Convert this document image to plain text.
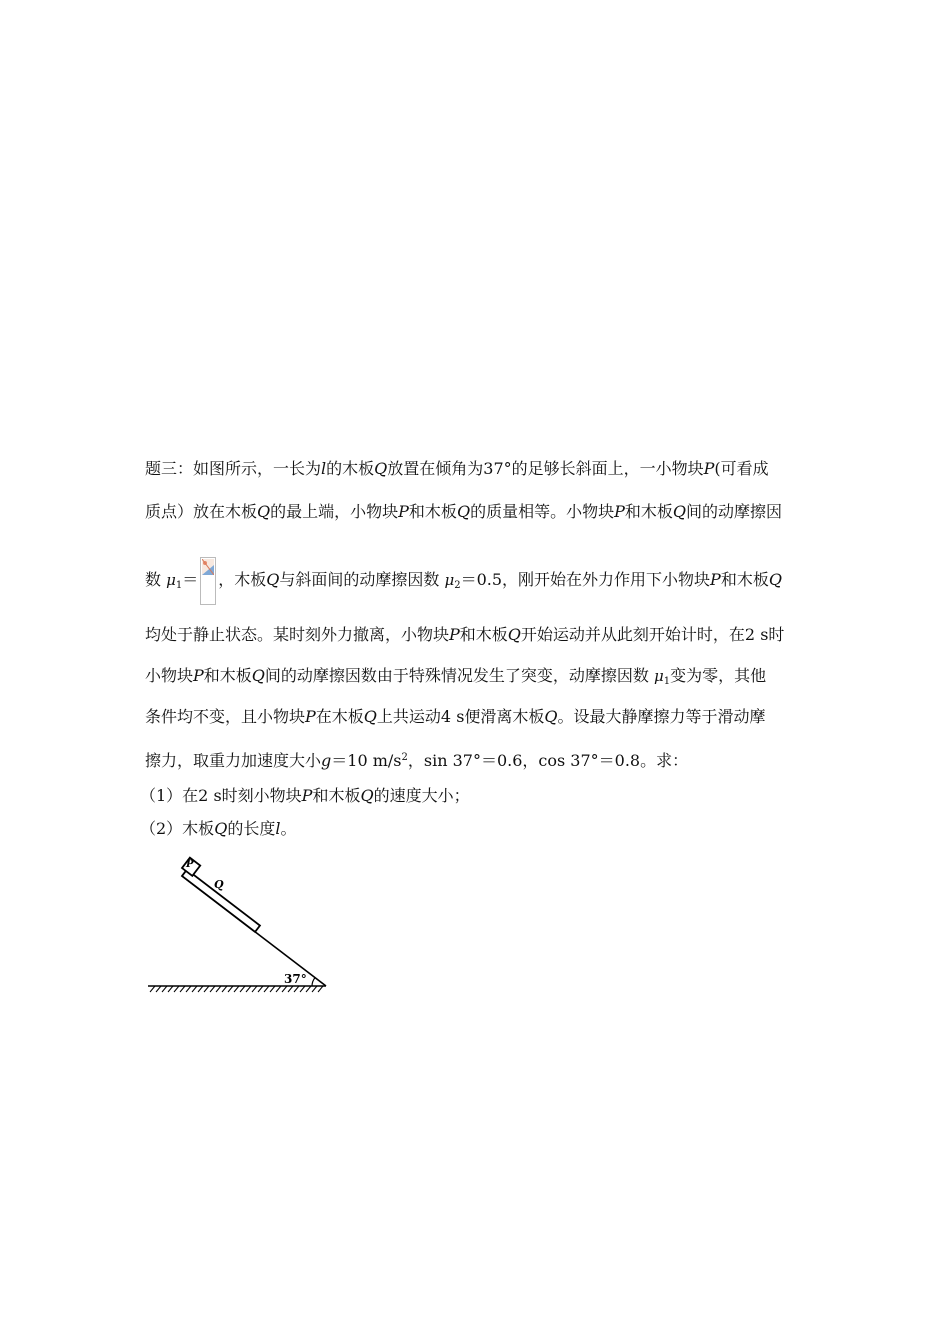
题三：如图所示，一长为l的木板Q放置在倾角为37°的足够长斜面上，一小物块P(可看成
质点）放在木板Q的最上端，小物块P和木板Q的质量相等。小物块P和木板Q间的动摩擦因
数 $\mu_1=$ ，木板Q与斜面间的动摩擦因数 $\mu_2=0.5$，刚开始在外力作用下小物块P和木板Q
均处于静止状态。某时刻外力撤离，小物块P和木板Q开始运动并从此刻开始计时，在2 s时
小物块P和木板Q间的动摩擦因数由于特殊情况发生了突变，动摩擦因数 $\mu_1$变为零，其他
条件均不变，且小物块P在木板Q上共运动4 s便滑离木板Q。设最大静摩擦力等于滑动摩
擦力，取重力加速度大小g＝10 $m/s^2$，sin 37°＝0.6，cos 37°＝0.8。求：
（1）在2 s时刻小物块P和木板Q的速度大小；
（2）木板Q的长度l。
P
Q
37°
